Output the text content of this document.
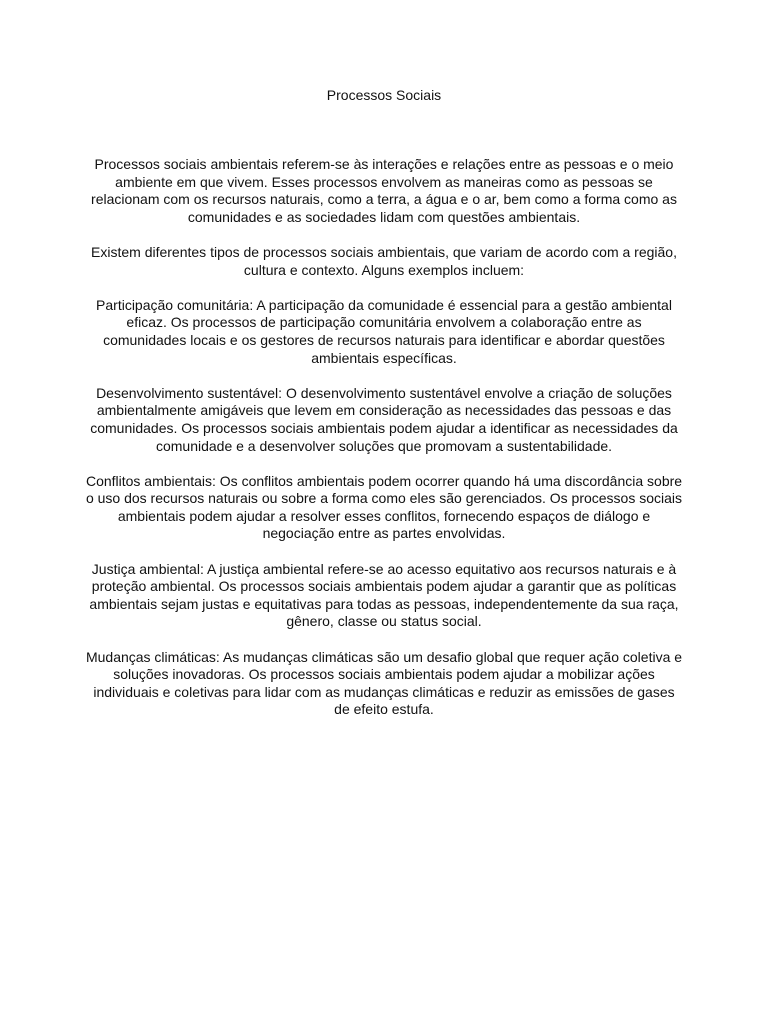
Processos Sociais

Processos sociais ambientais referem-se às interações e relações entre as pessoas e o meio ambiente em que vivem. Esses processos envolvem as maneiras como as pessoas se relacionam com os recursos naturais, como a terra, a água e o ar, bem como a forma como as comunidades e as sociedades lidam com questões ambientais.

Existem diferentes tipos de processos sociais ambientais, que variam de acordo com a região, cultura e contexto. Alguns exemplos incluem:

Participação comunitária: A participação da comunidade é essencial para a gestão ambiental eficaz. Os processos de participação comunitária envolvem a colaboração entre as comunidades locais e os gestores de recursos naturais para identificar e abordar questões ambientais específicas.

Desenvolvimento sustentável: O desenvolvimento sustentável envolve a criação de soluções ambientalmente amigáveis que levem em consideração as necessidades das pessoas e das comunidades. Os processos sociais ambientais podem ajudar a identificar as necessidades da comunidade e a desenvolver soluções que promovam a sustentabilidade.

Conflitos ambientais: Os conflitos ambientais podem ocorrer quando há uma discordância sobre o uso dos recursos naturais ou sobre a forma como eles são gerenciados. Os processos sociais ambientais podem ajudar a resolver esses conflitos, fornecendo espaços de diálogo e negociação entre as partes envolvidas.

Justiça ambiental: A justiça ambiental refere-se ao acesso equitativo aos recursos naturais e à proteção ambiental. Os processos sociais ambientais podem ajudar a garantir que as políticas ambientais sejam justas e equitativas para todas as pessoas, independentemente da sua raça, gênero, classe ou status social.

Mudanças climáticas: As mudanças climáticas são um desafio global que requer ação coletiva e soluções inovadoras. Os processos sociais ambientais podem ajudar a mobilizar ações individuais e coletivas para lidar com as mudanças climáticas e reduzir as emissões de gases de efeito estufa.
